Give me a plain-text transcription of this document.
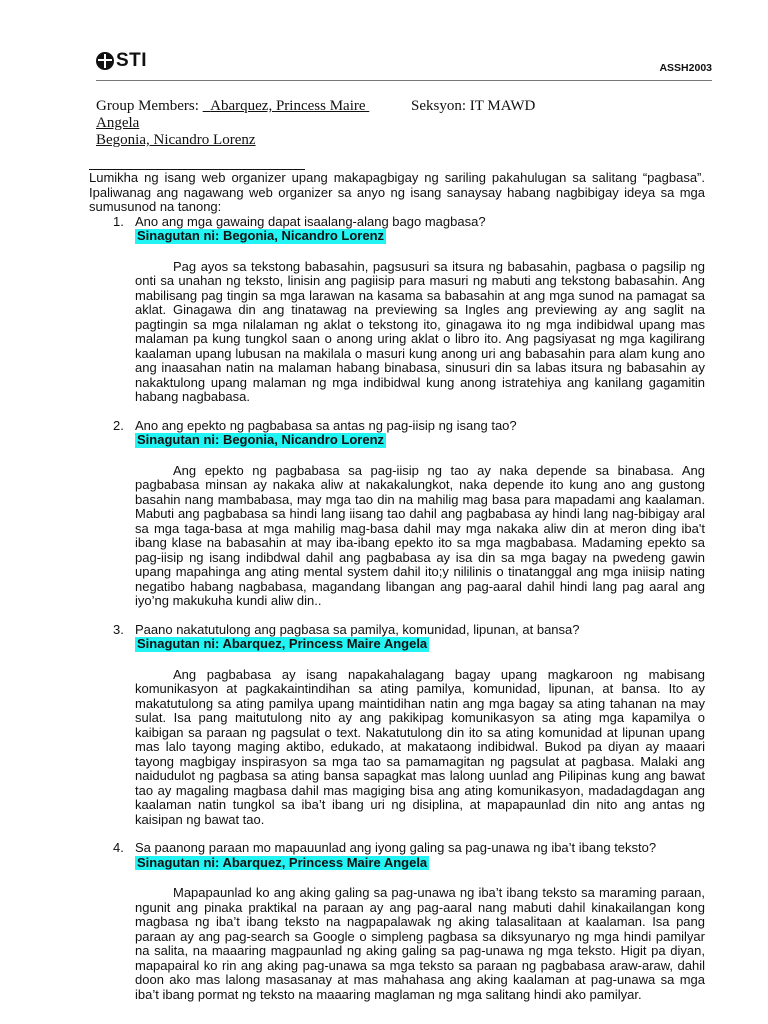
STI	ASSH2003
Group Members: Abarquez, Princess Maire	Seksyon: IT MAWD
Angela
Begonia, Nicandro Lorenz
Lumikha ng isang web organizer upang makapagbigay ng sariling pakahulugan sa salitang “pagbasa”. Ipaliwanag ang nagawang web organizer sa anyo ng isang sanaysay habang nagbibigay ideya sa mga sumusunod na tanong:
1. Ano ang mga gawaing dapat isaalang-alang bago magbasa?
Sinagutan ni: Begonia, Nicandro Lorenz
Pag ayos sa tekstong babasahin, pagsusuri sa itsura ng babasahin, pagbasa o pagsilip ng onti sa unahan ng teksto, linisin ang pagiisip para masuri ng mabuti ang tekstong babasahin. Ang mabilisang pag tingin sa mga larawan na kasama sa babasahin at ang mga sunod na pamagat sa aklat. Ginagawa din ang tinatawag na previewing sa Ingles ang previewing ay ang saglit na pagtingin sa mga nilalaman ng aklat o tekstong ito, ginagawa ito ng mga indibidwal upang mas malaman pa kung tungkol saan o anong uring aklat o libro ito. Ang pagsiyasat ng mga kagilirang kaalaman upang lubusan na makilala o masuri kung anong uri ang babasahin para alam kung ano ang inaasahan natin na malaman habang binabasa, sinusuri din sa labas itsura ng babasahin ay nakaktulong upang malaman ng mga indibidwal kung anong istratehiya ang kanilang gagamitin habang nagbabasa.
2. Ano ang epekto ng pagbabasa sa antas ng pag-iisip ng isang tao?
Sinagutan ni: Begonia, Nicandro Lorenz
Ang epekto ng pagbabasa sa pag-iisip ng tao ay naka depende sa binabasa. Ang pagbabasa minsan ay nakaka aliw at nakakalungkot, naka depende ito kung ano ang gustong basahin nang mambabasa, may mga tao din na mahilig mag basa para mapadami ang kaalaman. Mabuti ang pagbabasa sa hindi lang iisang tao dahil ang pagbabasa ay hindi lang nag-bibigay aral sa mga taga-basa at mga mahilig mag-basa dahil may mga nakaka aliw din at meron ding iba't ibang klase na babasahin at may iba-ibang epekto ito sa mga magbabasa. Madaming epekto sa pag-iisip ng isang indibdwal dahil ang pagbabasa ay isa din sa mga bagay na pwedeng gawin upang mapahinga ang ating mental system dahil ito;y nililinis o tinatanggal ang mga iniisip nating negatibo habang nagbabasa, magandang libangan ang pag-aaral dahil hindi lang pag aaral ang iyo’ng makukuha kundi aliw din..
3. Paano nakatutulong ang pagbasa sa pamilya, komunidad, lipunan, at bansa?
Sinagutan ni: Abarquez, Princess Maire Angela
Ang pagbabasa ay isang napakahalagang bagay upang magkaroon ng mabisang komunikasyon at pagkakaintindihan sa ating pamilya, komunidad, lipunan, at bansa. Ito ay makatutulong sa ating pamilya upang maintidihan natin ang mga bagay sa ating tahanan na may sulat. Isa pang maitutulong nito ay ang pakikipag komunikasyon sa ating mga kapamilya o kaibigan sa paraan ng pagsulat o text. Nakatutulong din ito sa ating komunidad at lipunan upang mas lalo tayong maging aktibo, edukado, at makataong indibidwal. Bukod pa diyan ay maaari tayong magbigay inspirasyon sa mga tao sa pamamagitan ng pagsulat at pagbasa. Malaki ang naidudulot ng pagbasa sa ating bansa sapagkat mas lalong uunlad ang Pilipinas kung ang bawat tao ay magaling magbasa dahil mas magiging bisa ang ating komunikasyon, madadagdagan ang kaalaman natin tungkol sa iba’t ibang uri ng disiplina, at mapapaunlad din nito ang antas ng kaisipan ng bawat tao.
4. Sa paanong paraan mo mapauunlad ang iyong galing sa pag-unawa ng iba’t ibang teksto?
Sinagutan ni: Abarquez, Princess Maire Angela
Mapapaunlad ko ang aking galing sa pag-unawa ng iba’t ibang teksto sa maraming paraan, ngunit ang pinaka praktikal na paraan ay ang pag-aaral nang mabuti dahil kinakailangan kong magbasa ng iba’t ibang teksto na nagpapalawak ng aking talasalitaan at kaalaman. Isa pang paraan ay ang pag-search sa Google o simpleng pagbasa sa diksyunaryo ng mga hindi pamilyar na salita, na maaaring magpaunlad ng aking galing sa pag-unawa ng mga teksto. Higit pa diyan, mapapairal ko rin ang aking pag-unawa sa mga teksto sa paraan ng pagbabasa araw-araw, dahil doon ako mas lalong masasanay at mas mahahasa ang aking kaalaman at pag-unawa sa mga iba’t ibang pormat ng teksto na maaaring maglaman ng mga salitang hindi ako pamilyar.
